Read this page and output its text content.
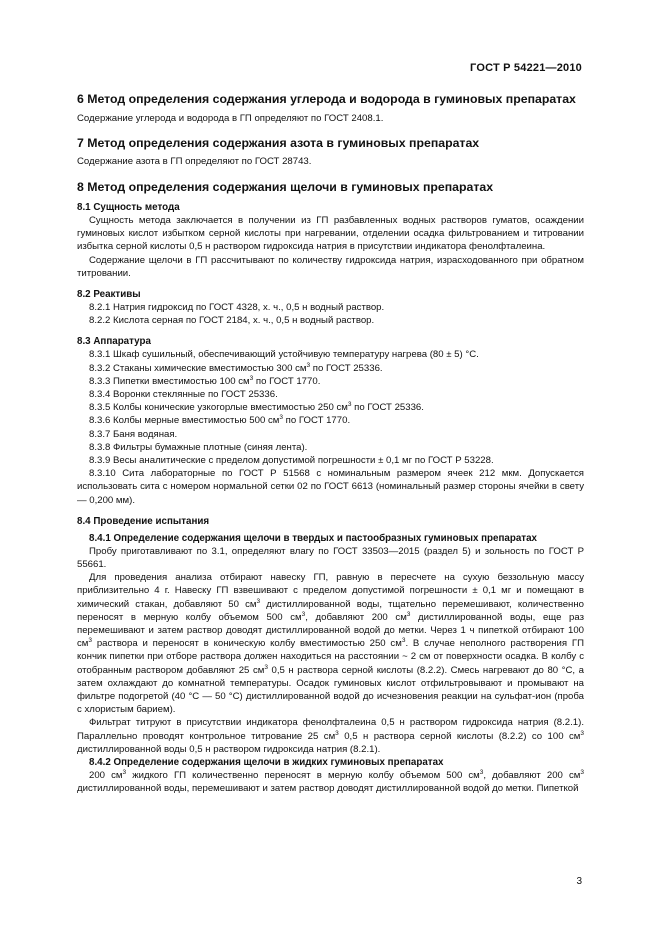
ГОСТ Р 54221—2010
6 Метод определения содержания углерода и водорода в гуминовых препаратах

Содержание углерода и водорода в ГП определяют по ГОСТ 2408.1.

7 Метод определения содержания азота в гуминовых препаратах

Содержание азота в ГП определяют по ГОСТ 28743.

8 Метод определения содержания щелочи в гуминовых препаратах
8.1 Сущность метода

Сущность метода заключается в получении из ГП разбавленных водных растворов гуматов, осаждении гуминовых кислот избытком серной кислоты при нагревании, отделении осадка фильтрованием и титровании избытка серной кислоты 0,5 н раствором гидроксида натрия в присутствии индикатора фенолфталеина.

Содержание щелочи в ГП рассчитывают по количеству гидроксида натрия, израсходованного при обратном титровании.

8.2 Реактивы

8.2.1 Натрия гидроксид по ГОСТ 4328, х. ч., 0,5 н водный раствор.

8.2.2 Кислота серная по ГОСТ 2184, х. ч., 0,5 н водный раствор.

8.3 Аппаратура

8.3.1 Шкаф сушильный, обеспечивающий устойчивую температуру нагрева (80 ± 5) °С.

8.3.2 Стаканы химические вместимостью 300 $см^3$ по ГОСТ 25336.

8.3.3 Пипетки вместимостью 100 $см^3$ по ГОСТ 1770.

8.3.4 Воронки стеклянные по ГОСТ 25336.

8.3.5 Колбы конические узкогорлые вместимостью 250 $см^3$ по ГОСТ 25336.

8.3.6 Колбы мерные вместимостью 500 $см^3$ по ГОСТ 1770.

8.3.7 Баня водяная.

8.3.8 Фильтры бумажные плотные (синяя лента).

8.3.9 Весы аналитические с пределом допустимой погрешности ± 0,1 мг по ГОСТ Р 53228.

8.3.10 Сита лабораторные по ГОСТ Р 51568 с номинальным размером ячеек 212 мкм. Допускается использовать сита с номером нормальной сетки 02 по ГОСТ 6613 (номинальный размер стороны ячейки в свету — 0,200 мм).

8.4 Проведение испытания
8.4.1 Определение содержания щелочи в твердых и пастообразных гуминовых препаратах

Пробу приготавливают по 3.1, определяют влагу по ГОСТ 33503—2015 (раздел 5) и зольность по ГОСТ Р 55661.

Для проведения анализа отбирают навеску ГП, равную в пересчете на сухую беззольную массу приблизительно 4 г. Навеску ГП взвешивают с пределом допустимой погрешности ± 0,1 мг и помещают в химический стакан, добавляют 50 $см^3$ дистиллированной воды, тщательно перемешивают, количественно переносят в мерную колбу объемом 500 $см^3$, добавляют 200 $см^3$ дистиллированной воды, еще раз перемешивают и затем раствор доводят дистиллированной водой до метки. Через 1 ч пипеткой отбирают 100 $см^3$ раствора и переносят в коническую колбу вместимостью 250 $см^3$. В случае неполного растворения ГП кончик пипетки при отборе раствора должен находиться на расстоянии ~ 2 см от поверхности осадка. В колбу с отобранным раствором добавляют 25 $см^3$ 0,5 н раствора серной кислоты (8.2.2). Смесь нагревают до 80 °С, а затем охлаждают до комнатной температуры. Осадок гуминовых кислот отфильтровывают и промывают на фильтре подогретой (40 °С — 50 °С) дистиллированной водой до исчезновения реакции на сульфат-ион (проба с хлористым барием).

Фильтрат титруют в присутствии индикатора фенолфталеина 0,5 н раствором гидроксида натрия (8.2.1). Параллельно проводят контрольное титрование 25 $см^3$ 0,5 н раствора серной кислоты (8.2.2) со 100 $см^3$ дистиллированной воды 0,5 н раствором гидроксида натрия (8.2.1).

8.4.2 Определение содержания щелочи в жидких гуминовых препаратах

200 $см^3$ жидкого ГП количественно переносят в мерную колбу объемом 500 $см^3$, добавляют 200 $см^3$ дистиллированной воды, перемешивают и затем раствор доводят дистиллированной водой до метки. Пипеткой

3
